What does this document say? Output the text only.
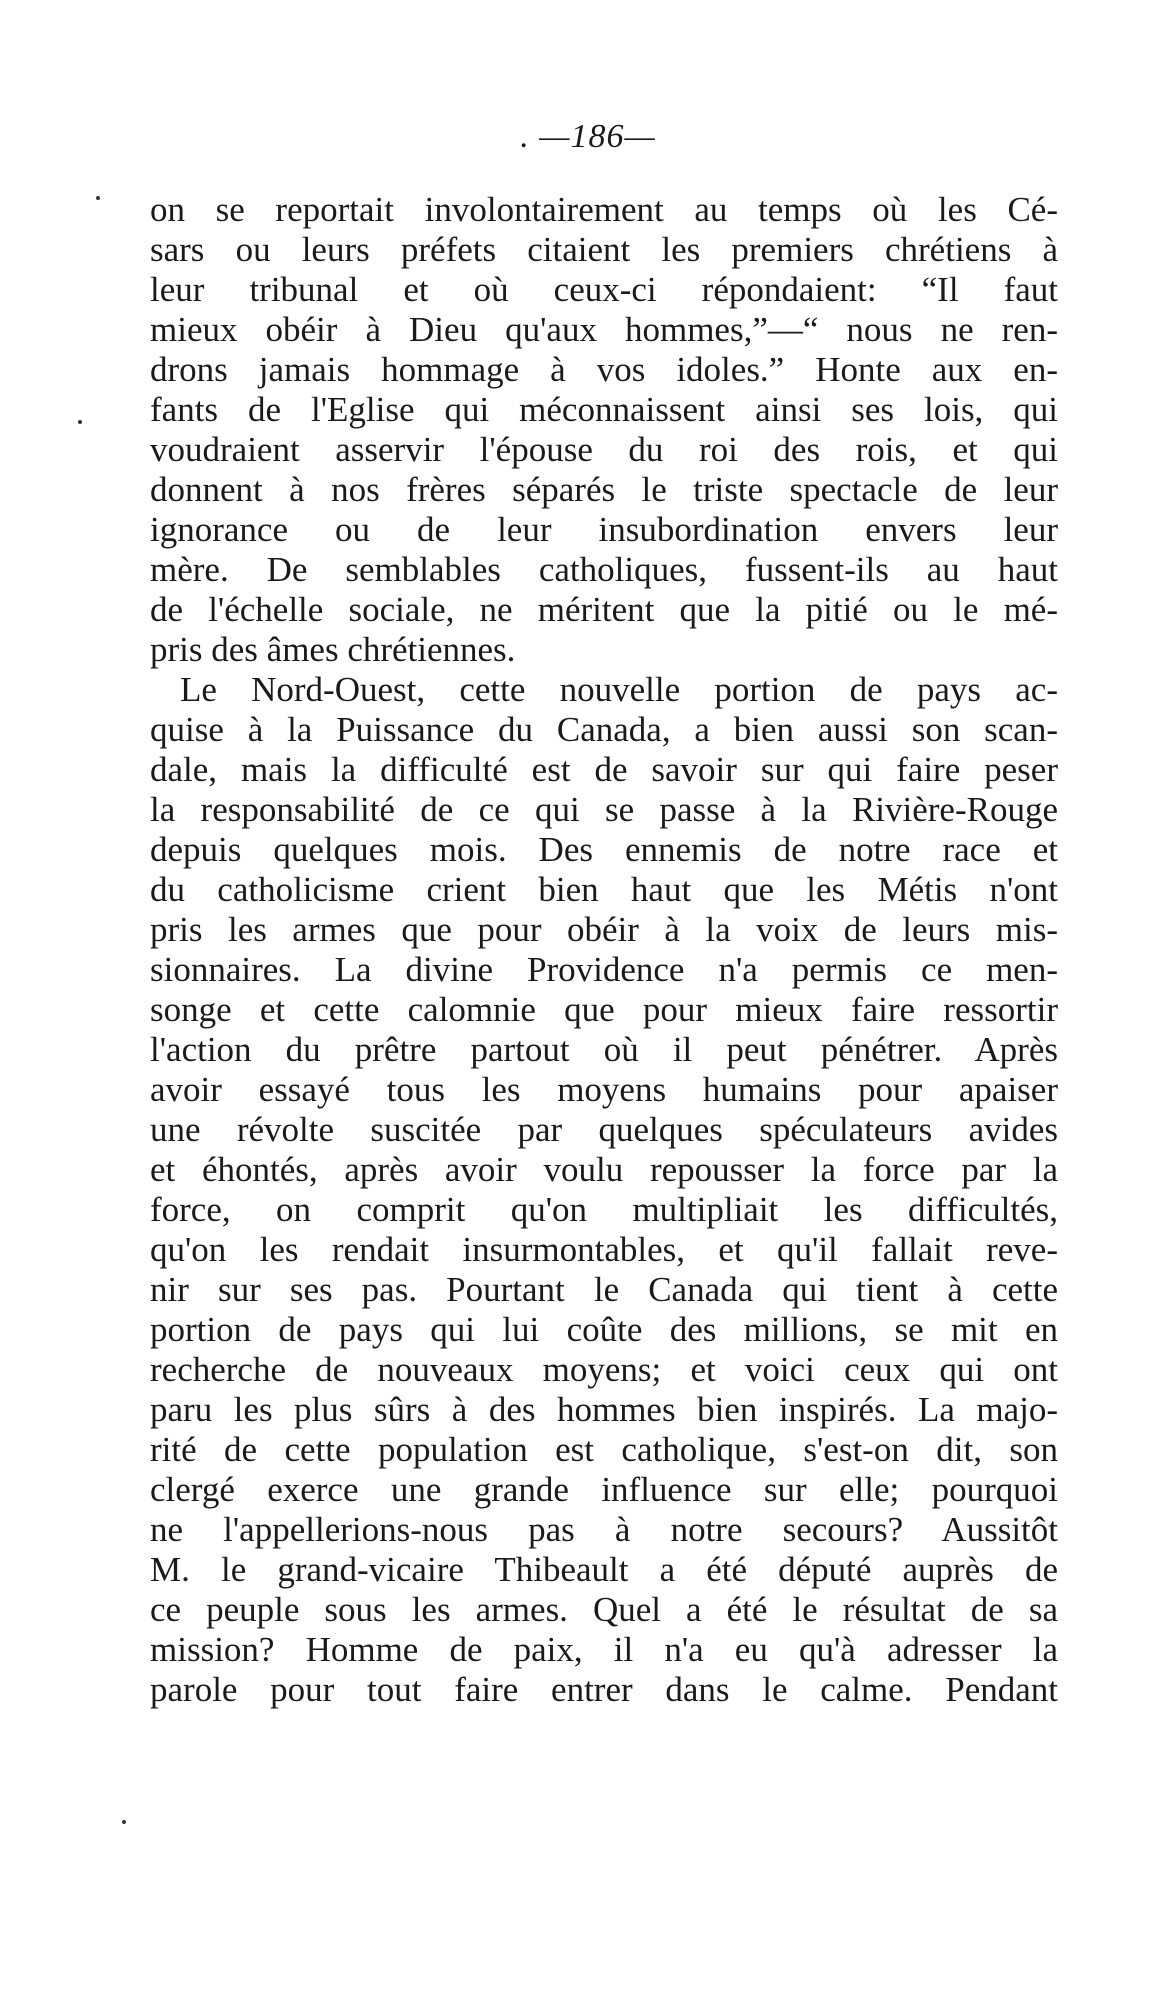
. —186—
on se reportait involontairement au temps où les Cé-
sars ou leurs préfets citaient les premiers chrétiens à
leur tribunal et où ceux-ci répondaient: “Il faut
mieux obéir à Dieu qu'aux hommes,”—“ nous ne ren-
drons jamais hommage à vos idoles.” Honte aux en-
fants de l'Eglise qui méconnaissent ainsi ses lois, qui
voudraient asservir l'épouse du roi des rois, et qui
donnent à nos frères séparés le triste spectacle de leur
ignorance ou de leur insubordination envers leur
mère. De semblables catholiques, fussent-ils au haut
de l'échelle sociale, ne méritent que la pitié ou le mé-
pris des âmes chrétiennes.
Le Nord-Ouest, cette nouvelle portion de pays ac-
quise à la Puissance du Canada, a bien aussi son scan-
dale, mais la difficulté est de savoir sur qui faire peser
la responsabilité de ce qui se passe à la Rivière-Rouge
depuis quelques mois. Des ennemis de notre race et
du catholicisme crient bien haut que les Métis n'ont
pris les armes que pour obéir à la voix de leurs mis-
sionnaires. La divine Providence n'a permis ce men-
songe et cette calomnie que pour mieux faire ressortir
l'action du prêtre partout où il peut pénétrer. Après
avoir essayé tous les moyens humains pour apaiser
une révolte suscitée par quelques spéculateurs avides
et éhontés, après avoir voulu repousser la force par la
force, on comprit qu'on multipliait les difficultés,
qu'on les rendait insurmontables, et qu'il fallait reve-
nir sur ses pas. Pourtant le Canada qui tient à cette
portion de pays qui lui coûte des millions, se mit en
recherche de nouveaux moyens; et voici ceux qui ont
paru les plus sûrs à des hommes bien inspirés. La majo-
rité de cette population est catholique, s'est-on dit, son
clergé exerce une grande influence sur elle; pourquoi
ne l'appellerions-nous pas à notre secours? Aussitôt
M. le grand-vicaire Thibeault a été député auprès de
ce peuple sous les armes. Quel a été le résultat de sa
mission? Homme de paix, il n'a eu qu'à adresser la
parole pour tout faire entrer dans le calme. Pendant
